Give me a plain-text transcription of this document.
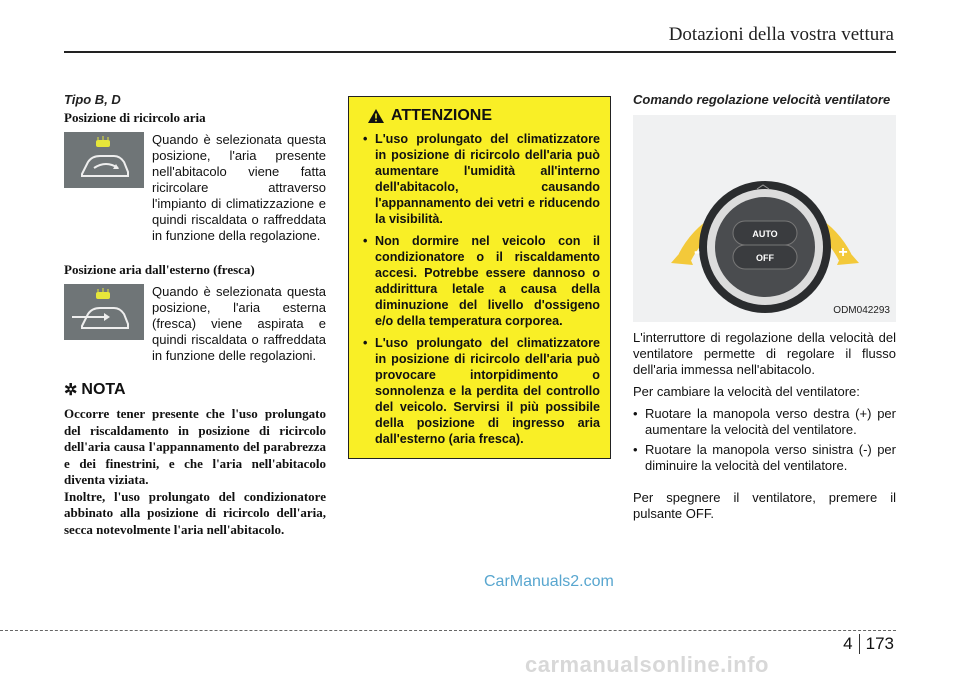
Dotazioni della vostra vettura
Tipo B, D
Posizione di ricircolo aria
Quando è selezionata questa posizione, l'aria presente nell'abitacolo viene fatta ricircolare attraverso l'impianto di climatizzazione e quindi riscaldata o raffreddata in funzione della regolazione.
Posizione aria dall'esterno (fresca)
Quando è selezionata questa posizione, l'aria esterna (fresca) viene aspirata e quindi riscaldata o raffreddata in funzione delle regolazioni.
✲ NOTA
Occorre tener presente che l'uso prolungato del riscaldamento in posizione di ricircolo dell'aria causa l'appannamento del parabrezza e dei finestrini, e che l'aria nell'abitacolo diventa viziata.
Inoltre, l'uso prolungato del condizionatore abbinato alla posizione di ricircolo dell'aria, secca notevolmente l'aria nell'abitacolo.
ATTENZIONE
• L'uso prolungato del climatizzatore in posizione di ricircolo dell'aria può aumentare l'umidità all'interno dell'abitacolo, causando l'appannamento dei vetri e riducendo la visibilità.
• Non dormire nel veicolo con il condizionatore o il riscaldamento accesi. Potrebbe essere dannoso o addirittura letale a causa della diminuzione del livello d'ossigeno e/o della temperatura corporea.
• L'uso prolungato del climatizzatore in posizione di ricircolo dell'aria può provocare intorpidimento o sonnolenza e la perdita del controllo del veicolo. Servirsi il più possibile della posizione di ingresso aria dall'esterno (aria fresca).
Comando regolazione velocità ventilatore
AUTO
OFF
-	+
ODM042293
L'interruttore di regolazione della velocità del ventilatore permette di regolare il flusso dell'aria immessa nell'abitacolo.
Per cambiare la velocità del ventilatore:
• Ruotare la manopola verso destra (+) per aumentare la velocità del ventilatore.
• Ruotare la manopola verso sinistra (-) per diminuire la velocità del ventilatore.
Per spegnere il ventilatore, premere il pulsante OFF.
CarManuals2.com
4 173
carmanualsonline.info
